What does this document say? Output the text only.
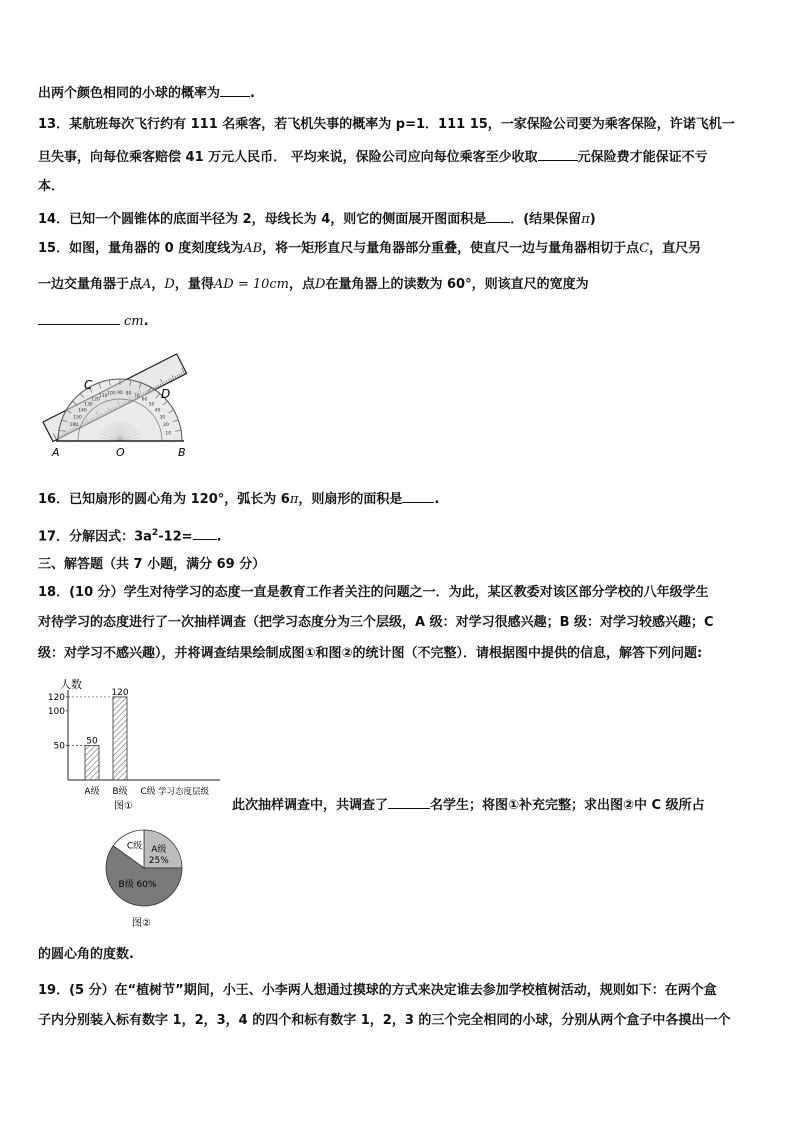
出两个颜色相同的小球的概率为 .
13．某航班每次飞行约有 111 名乘客，若飞机失事的概率为 p=1．111 15，一家保险公司要为乘客保险，许诺飞机一
旦失事，向每位乘客赔偿 41 万元人民币． 平均来说，保险公司应向每位乘客至少收取	元保险费才能保证不亏
本．
14．已知一个圆锥体的底面半径为 2，母线长为 4，则它的侧面展开图面积是 ．(结果保留π)
15．如图，量角器的 0 度刻度线为AB，将一矩形直尺与量角器部分重叠，使直尺一边与量角器相切于点C，直尺另
一边交量角器于点A，D，量得AD = 10cm，点D在量角器上的读数为 60°，则该直尺的宽度为
cm.
160
150
140
130
120
110 100 90 80 70
60
50
40
30
20
10
A	O	B
C
D
16．已知扇形的圆心角为 120°，弧长为 6π，则扇形的面积是 .
17．分解因式：$3a^2-12=$ .
三、解答题（共 7 小题，满分 69 分）
18．(10 分）学生对待学习的态度一直是教育工作者关注的问题之一．为此，某区教委对该区部分学校的八年级学生
对待学习的态度进行了一次抽样调查（把学习态度分为三个层级，A 级：对学习很感兴趣；B 级：对学习较感兴趣；C
级：对学习不感兴趣），并将调查结果绘制成图①和图②的统计图（不完整）．请根据图中提供的信息，解答下列问题:
人数
50
100
120
50
120
A级 B级 C级 学习态度层级
图①	此次抽样调查中，共调查了	名学生；将图①补充完整；求出图②中 C 级所占
A级
25%
B级 60%
C级
图②
的圆心角的度数.
19．(5 分）在“植树节”期间，小王、小李两人想通过摸球的方式来决定谁去参加学校植树活动，规则如下：在两个盒
子内分别装入标有数字 1，2，3，4 的四个和标有数字 1，2，3 的三个完全相同的小球，分别从两个盒子中各摸出一个
